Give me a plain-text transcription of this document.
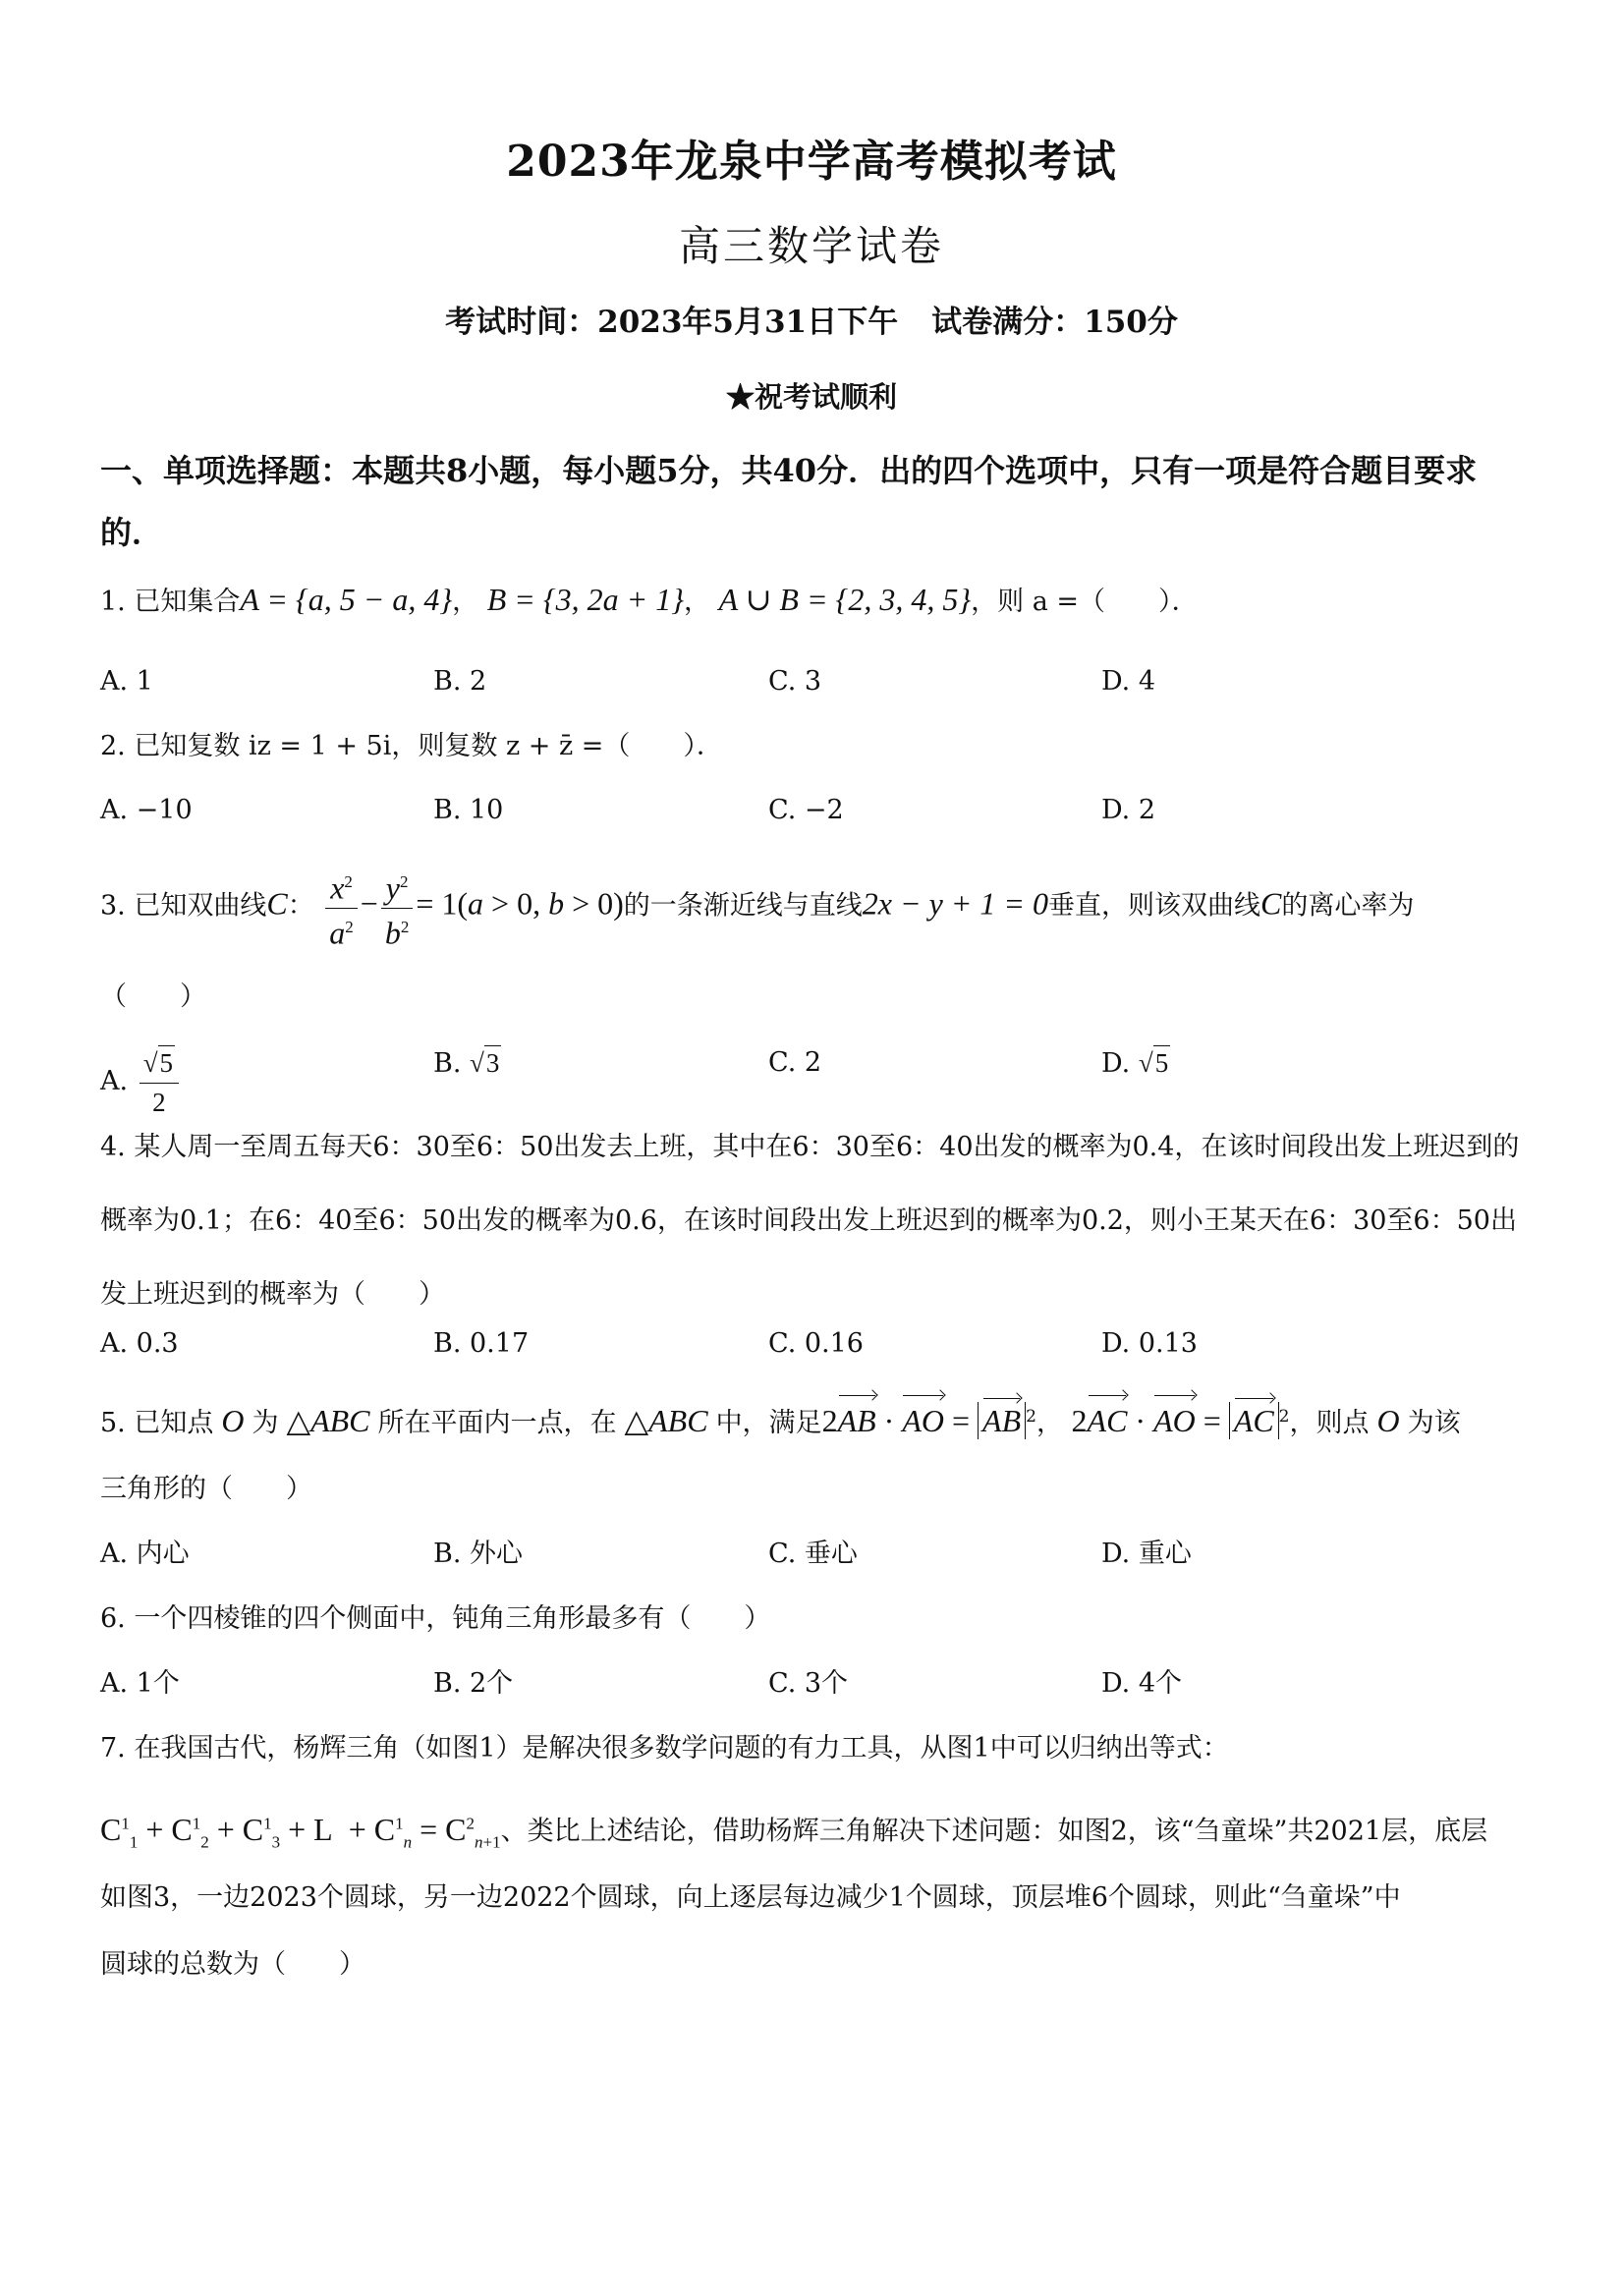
2023年龙泉中学高考模拟考试
高三数学试卷
考试时间：2023年5月31日下午 试卷满分：150分
★祝考试顺利
一、单项选择题：本题共8小题，每小题5分，共40分．出的四个选项中，只有一项是符合题目要求的．
1. 已知集合A = {a, 5 − a, 4}， B = {3, 2a + 1}， A ∪ B = {2, 3, 4, 5}，则 a =（　　）．
A. 1	B. 2	C. 3	D. 4
2. 已知复数 iz = 1 + 5i，则复数 z + z̄ =（　　）．
A. −10	B. 10	C. −2	D. 2
3. 已知双曲线C： $\frac{x^2}{a^2} - \frac{y^2}{b^2} = 1(a > 0$, b > 0)的一条渐近线与直线2x − y + 1 = 0垂直，则该双曲线C的离心率为
（　　）
A. $\frac{√5}{2}$	B. √3	C. 2	D. √5
4. 某人周一至周五每天6：30至6：50出发去上班，其中在6：30至6：40出发的概率为0.4，在该时间段出发上班迟到的概率为0.1；在6：40至6：50出发的概率为0.6，在该时间段出发上班迟到的概率为0.2，则小王某天在6：30至6：50出发上班迟到的概率为（　　）
A. 0.3	B. 0.17	C. 0.16	D. 0.13
5. 已知点 O 为 △ABC 所在平面内一点，在 △ABC 中，满足2AB · AO = AB $^2$， 2AC · AO = AC $^2$，则点 O 为该
三角形的（　　）
A. 内心	B. 外心	C. 垂心	D. 重心
6. 一个四棱锥的四个侧面中，钝角三角形最多有（　　）
A. 1个	B. 2个	C. 3个	D. 4个
7. 在我国古代，杨辉三角（如图1）是解决很多数学问题的有力工具，从图1中可以归纳出等式：
$C^1_1 + C^1_2 + C^1_3 + L + C^1_n = C^2_{n+1}$、类比上述结论，借助杨辉三角解决下述问题：如图2，该“刍童垛”共2021层，底层
如图3，一边2023个圆球，另一边2022个圆球，向上逐层每边减少1个圆球，顶层堆6个圆球，则此“刍童垛”中
圆球的总数为（　　）
